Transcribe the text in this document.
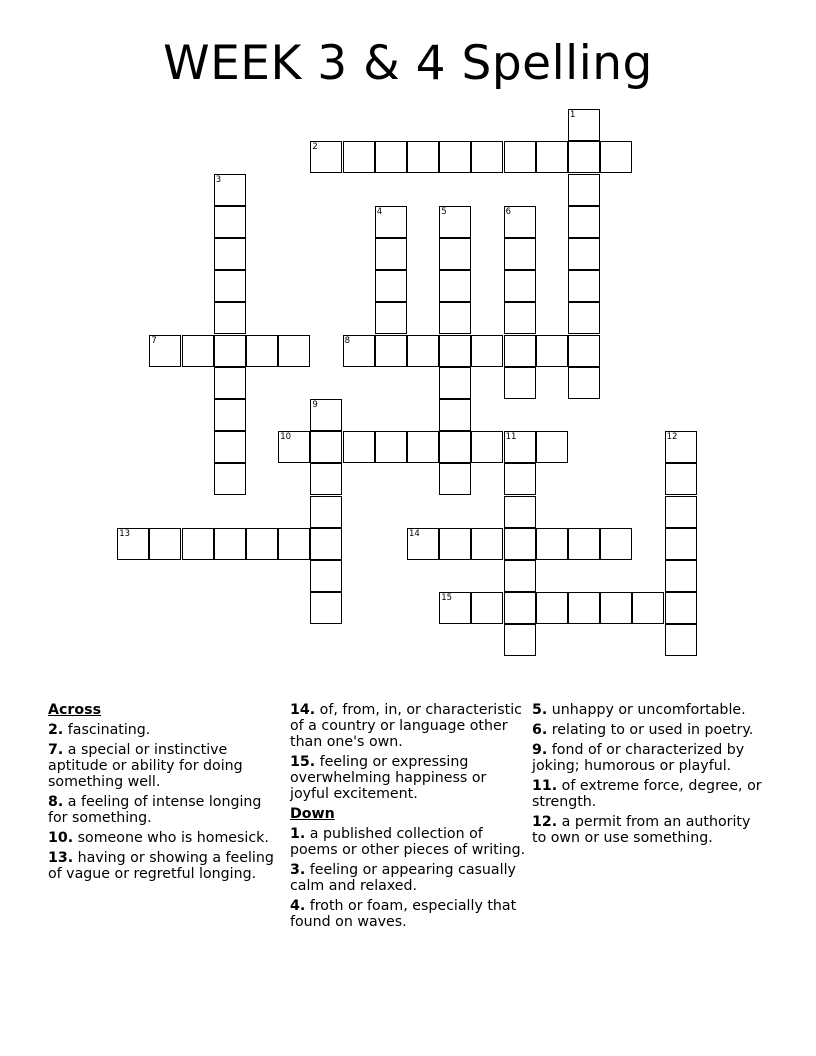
WEEK 3 & 4 Spelling
1
2
3
4	5	6
7	8
9
10	11	12
13	14
15
Across
2. fascinating.
7. a special or instinctive aptitude or ability for doing something well.
8. a feeling of intense longing for something.
10. someone who is homesick.
13. having or showing a feeling of vague or regretful longing.
14. of, from, in, or characteristic of a country or language other than one's own.
15. feeling or expressing overwhelming happiness or joyful excitement.
Down
1. a published collection of poems or other pieces of writing.
3. feeling or appearing casually calm and relaxed.
4. froth or foam, especially that found on waves.
5. unhappy or uncomfortable.
6. relating to or used in poetry.
9. fond of or characterized by joking; humorous or playful.
11. of extreme force, degree, or strength.
12. a permit from an authority to own or use something.
